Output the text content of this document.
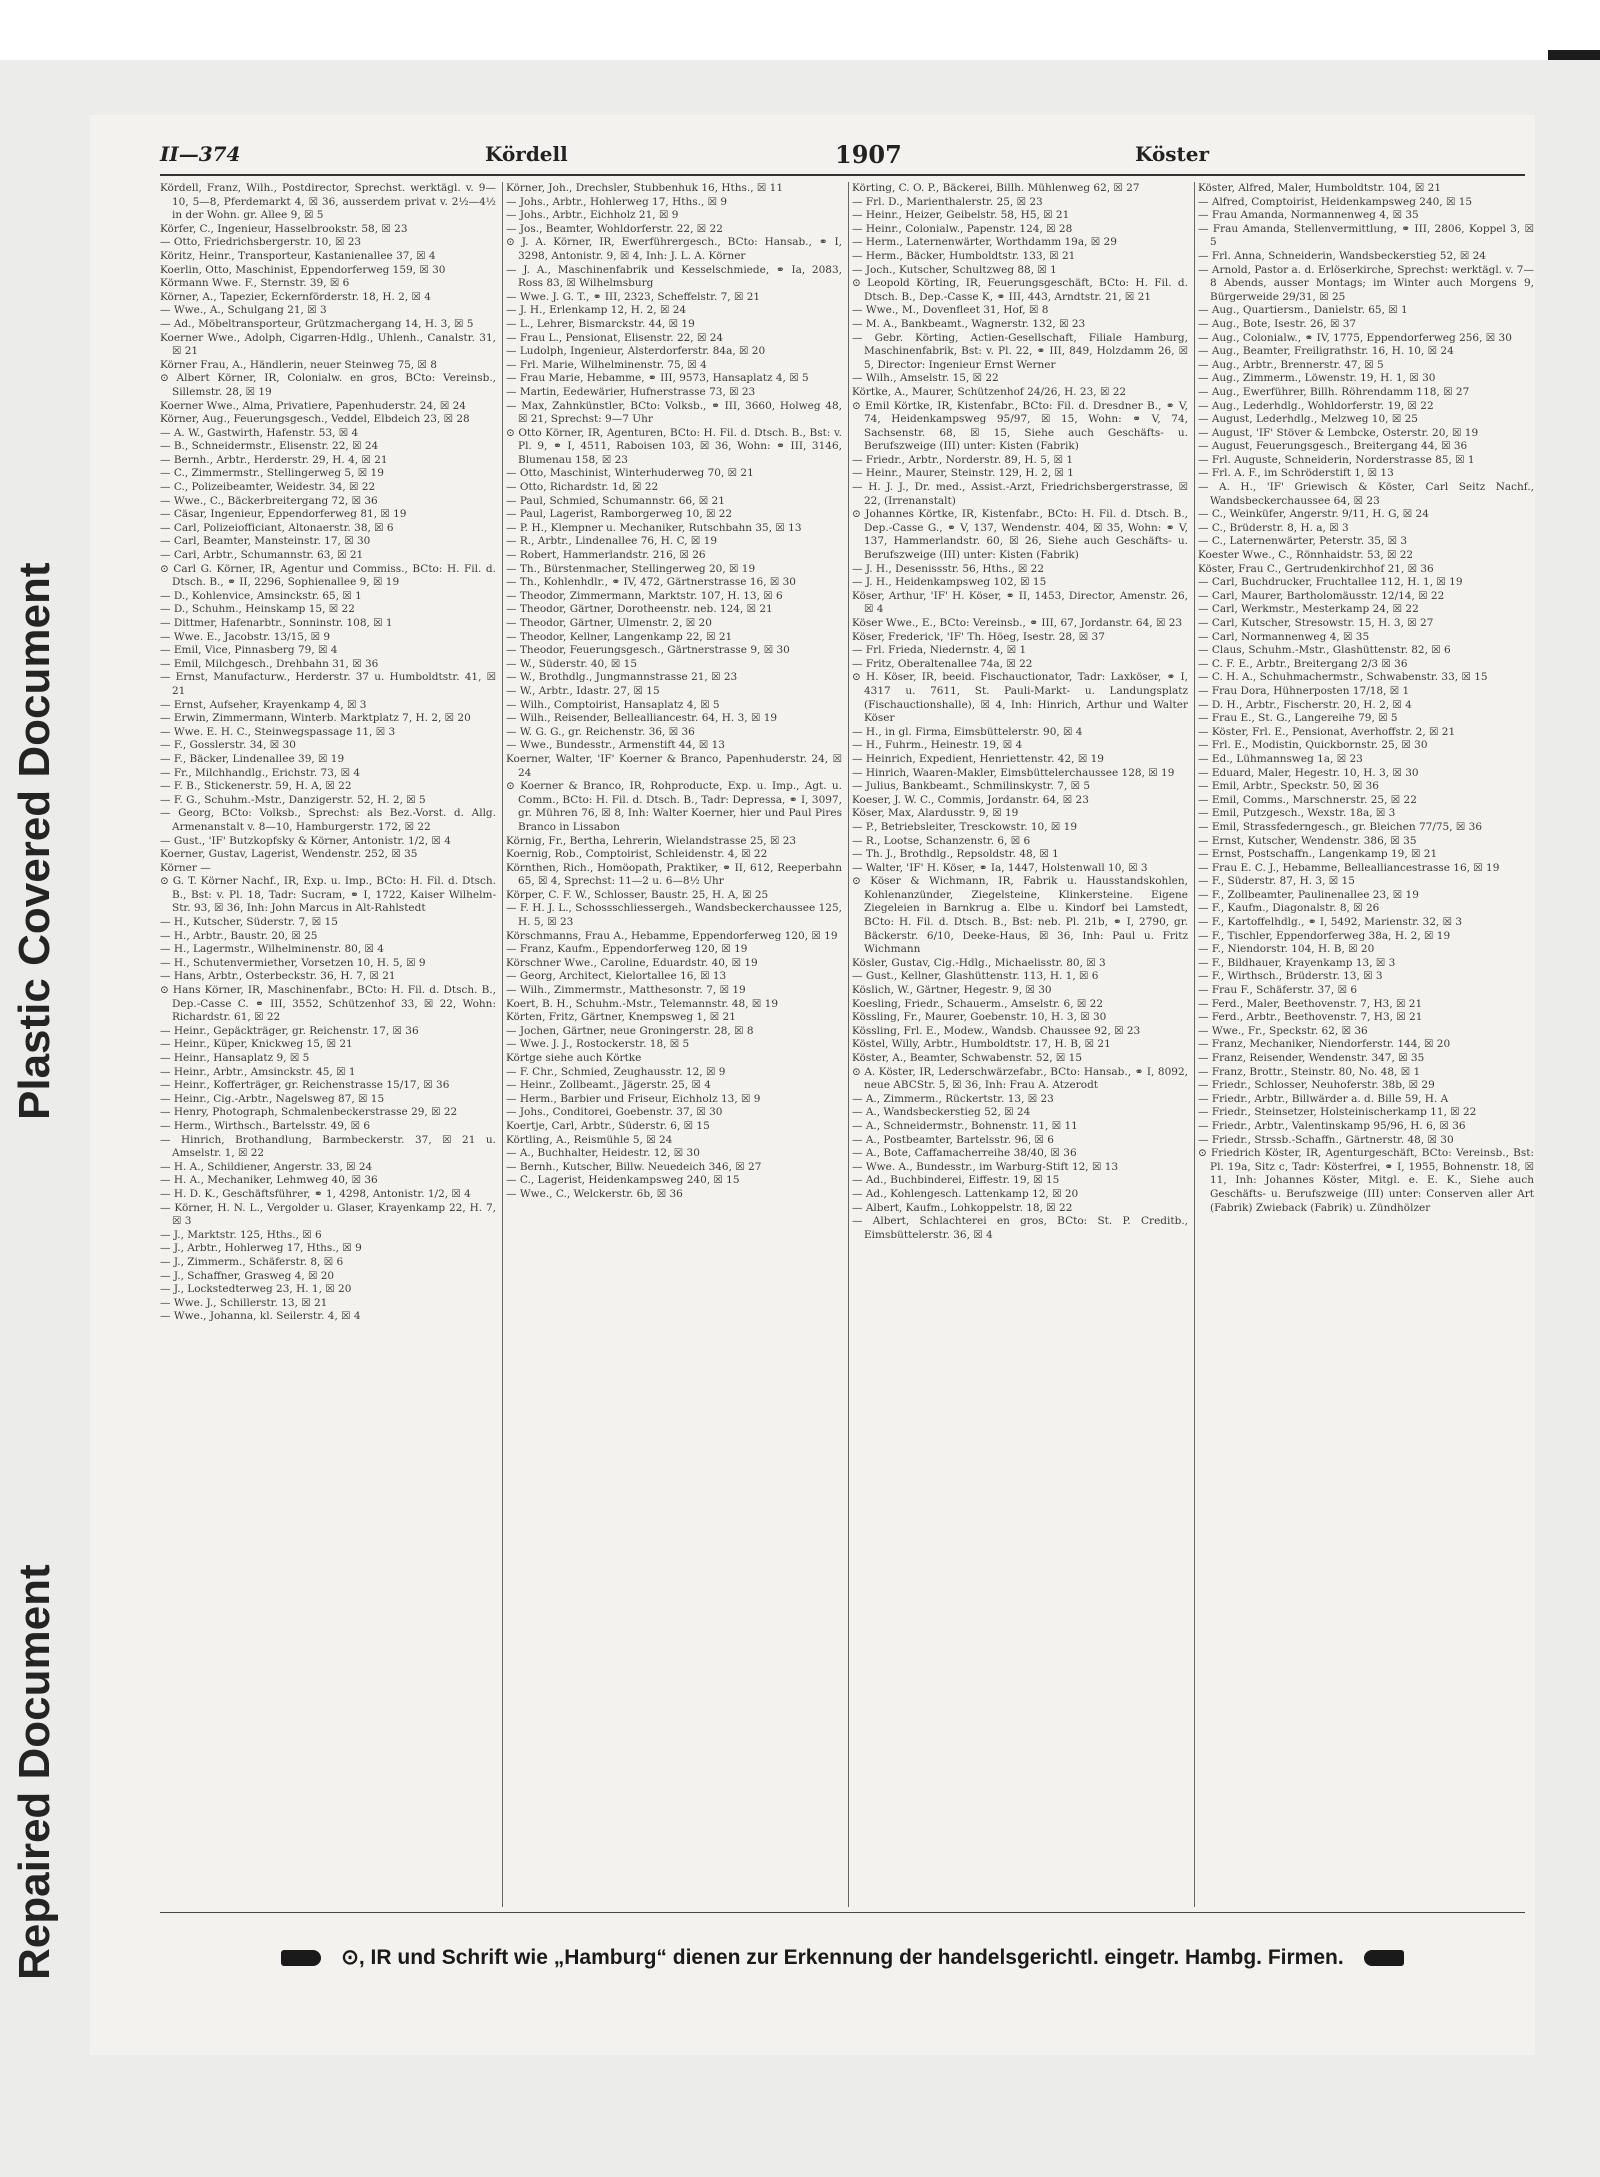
Plastic Covered Document
Repaired Document
II—374	Kördell	1907	Köster

Kördell, Franz, Wilh., Postdirector, Sprechst. werktägl. v. 9—10, 5—8, Pferdemarkt 4, ☒ 36, ausserdem privat v. 2½—4½ in der Wohn. gr. Allee 9, ☒ 5

Körfer, C., Ingenieur, Hasselbrookstr. 58, ☒ 23

— Otto, Friedrichsbergerstr. 10, ☒ 23

Köritz, Heinr., Transporteur, Kastanienallee 37, ☒ 4

Koerlin, Otto, Maschinist, Eppendorferweg 159, ☒ 30

Körmann Wwe. F., Sternstr. 39, ☒ 6

Körner, A., Tapezier, Eckernförderstr. 18, H. 2, ☒ 4

— Wwe., A., Schulgang 21, ☒ 3

— Ad., Möbeltransporteur, Grützmachergang 14, H. 3, ☒ 5

Koerner Wwe., Adolph, Cigarren-Hdlg., Uhlenh., Canalstr. 31, ☒ 21

Körner Frau, A., Händlerin, neuer Steinweg 75, ☒ 8

⊙ Albert Körner, IR, Colonialw. en gros, BCto: Vereinsb., Sillemstr. 28, ☒ 19

Koerner Wwe., Alma, Privatiere, Papenhuderstr. 24, ☒ 24

Körner, Aug., Feuerungsgesch., Veddel, Elbdeich 23, ☒ 28

— A. W., Gastwirth, Hafenstr. 53, ☒ 4

— B., Schneidermstr., Elisenstr. 22, ☒ 24

— Bernh., Arbtr., Herderstr. 29, H. 4, ☒ 21

— C., Zimmermstr., Stellingerweg 5, ☒ 19

— C., Polizeibeamter, Weidestr. 34, ☒ 22

— Wwe., C., Bäckerbreitergang 72, ☒ 36

— Cäsar, Ingenieur, Eppendorferweg 81, ☒ 19

— Carl, Polizeiofficiant, Altonaerstr. 38, ☒ 6

— Carl, Beamter, Mansteinstr. 17, ☒ 30

— Carl, Arbtr., Schumannstr. 63, ☒ 21

⊙ Carl G. Körner, IR, Agentur und Commiss., BCto: H. Fil. d. Dtsch. B., ⚭ II, 2296, Sophienallee 9, ☒ 19

— D., Kohlenvice, Amsinckstr. 65, ☒ 1

— D., Schuhm., Heinskamp 15, ☒ 22

— Dittmer, Hafenarbtr., Sonninstr. 108, ☒ 1

— Wwe. E., Jacobstr. 13/15, ☒ 9

— Emil, Vice, Pinnasberg 79, ☒ 4

— Emil, Milchgesch., Drehbahn 31, ☒ 36

— Ernst, Manufacturw., Herderstr. 37 u. Humboldtstr. 41, ☒ 21

— Ernst, Aufseher, Krayenkamp 4, ☒ 3

— Erwin, Zimmermann, Winterb. Marktplatz 7, H. 2, ☒ 20

— Wwe. E. H. C., Steinwegspassage 11, ☒ 3

— F., Gosslerstr. 34, ☒ 30

— F., Bäcker, Lindenallee 39, ☒ 19

— Fr., Milchhandlg., Erichstr. 73, ☒ 4

— F. B., Stickenerstr. 59, H. A, ☒ 22

— F. G., Schuhm.-Mstr., Danzigerstr. 52, H. 2, ☒ 5

— Georg, BCto: Volksb., Sprechst: als Bez.-Vorst. d. Allg. Armenanstalt v. 8—10, Hamburgerstr. 172, ☒ 22

— Gust., 'IF' Butzkopfsky & Körner, Antonistr. 1/2, ☒ 4

Koerner, Gustav, Lagerist, Wendenstr. 252, ☒ 35

Körner —

⊙ G. T. Körner Nachf., IR, Exp. u. Imp., BCto: H. Fil. d. Dtsch. B., Bst: v. Pl. 18, Tadr: Sucram, ⚭ I, 1722, Kaiser Wilhelm-Str. 93, ☒ 36, Inh: John Marcus in Alt-Rahlstedt

— H., Kutscher, Süderstr. 7, ☒ 15

— H., Arbtr., Baustr. 20, ☒ 25

— H., Lagermstr., Wilhelminenstr. 80, ☒ 4

— H., Schutenvermiether, Vorsetzen 10, H. 5, ☒ 9

— Hans, Arbtr., Osterbeckstr. 36, H. 7, ☒ 21

⊙ Hans Körner, IR, Maschinenfabr., BCto: H. Fil. d. Dtsch. B., Dep.-Casse C. ⚭ III, 3552, Schützenhof 33, ☒ 22, Wohn: Richardstr. 61, ☒ 22

— Heinr., Gepäckträger, gr. Reichenstr. 17, ☒ 36

— Heinr., Küper, Knickweg 15, ☒ 21

— Heinr., Hansaplatz 9, ☒ 5

— Heinr., Arbtr., Amsinckstr. 45, ☒ 1

— Heinr., Kofferträger, gr. Reichenstrasse 15/17, ☒ 36

— Heinr., Cig.-Arbtr., Nagelsweg 87, ☒ 15

— Henry, Photograph, Schmalenbeckerstrasse 29, ☒ 22

— Herm., Wirthsch., Bartelsstr. 49, ☒ 6

— Hinrich, Brothandlung, Barmbeckerstr. 37, ☒ 21 u. Amselstr. 1, ☒ 22

— H. A., Schildiener, Angerstr. 33, ☒ 24

— H. A., Mechaniker, Lehmweg 40, ☒ 36

— H. D. K., Geschäftsführer, ⚭ 1, 4298, Antonistr. 1/2, ☒ 4

— Körner, H. N. L., Vergolder u. Glaser, Krayenkamp 22, H. 7, ☒ 3

— J., Marktstr. 125, Hths., ☒ 6

— J., Arbtr., Hohlerweg 17, Hths., ☒ 9

— J., Zimmerm., Schäferstr. 8, ☒ 6

— J., Schaffner, Grasweg 4, ☒ 20

— J., Lockstedterweg 23, H. 1, ☒ 20

— Wwe. J., Schillerstr. 13, ☒ 21

— Wwe., Johanna, kl. Seilerstr. 4, ☒ 4

Körner, Joh., Drechsler, Stubbenhuk 16, Hths., ☒ 11

— Johs., Arbtr., Hohlerweg 17, Hths., ☒ 9

— Johs., Arbtr., Eichholz 21, ☒ 9

— Jos., Beamter, Wohldorferstr. 22, ☒ 22

⊙ J. A. Körner, IR, Ewerführergesch., BCto: Hansab., ⚭ I, 3298, Antonistr. 9, ☒ 4, Inh: J. L. A. Körner

— J. A., Maschinenfabrik und Kesselschmiede, ⚭ Ia, 2083, Ross 83, ☒ Wilhelmsburg

— Wwe. J. G. T., ⚭ III, 2323, Scheffelstr. 7, ☒ 21

— J. H., Erlenkamp 12, H. 2, ☒ 24

— L., Lehrer, Bismarckstr. 44, ☒ 19

— Frau L., Pensionat, Elisenstr. 22, ☒ 24

— Ludolph, Ingenieur, Alsterdorferstr. 84a, ☒ 20

— Frl. Marie, Wilhelminenstr. 75, ☒ 4

— Frau Marie, Hebamme, ⚭ III, 9573, Hansaplatz 4, ☒ 5

— Martin, Eedewärier, Hufnerstrasse 73, ☒ 23

— Max, Zahnkünstler, BCto: Volksb., ⚭ III, 3660, Holweg 48, ☒ 21, Sprechst: 9—7 Uhr

⊙ Otto Körner, IR, Agenturen, BCto: H. Fil. d. Dtsch. B., Bst: v. Pl. 9, ⚭ I, 4511, Raboisen 103, ☒ 36, Wohn: ⚭ III, 3146, Blumenau 158, ☒ 23

— Otto, Maschinist, Winterhuderweg 70, ☒ 21

— Otto, Richardstr. 1d, ☒ 22

— Paul, Schmied, Schumannstr. 66, ☒ 21

— Paul, Lagerist, Ramborgerweg 10, ☒ 22

— P. H., Klempner u. Mechaniker, Rutschbahn 35, ☒ 13

— R., Arbtr., Lindenallee 76, H. C, ☒ 19

— Robert, Hammerlandstr. 216, ☒ 26

— Th., Bürstenmacher, Stellingerweg 20, ☒ 19

— Th., Kohlenhdlr., ⚭ IV, 472, Gärtnerstrasse 16, ☒ 30

— Theodor, Zimmermann, Marktstr. 107, H. 13, ☒ 6

— Theodor, Gärtner, Dorotheenstr. neb. 124, ☒ 21

— Theodor, Gärtner, Ulmenstr. 2, ☒ 20

— Theodor, Kellner, Langenkamp 22, ☒ 21

— Theodor, Feuerungsgesch., Gärtnerstrasse 9, ☒ 30

— W., Süderstr. 40, ☒ 15

— W., Brothdlg., Jungmannstrasse 21, ☒ 23

— W., Arbtr., Idastr. 27, ☒ 15

— Wilh., Comptoirist, Hansaplatz 4, ☒ 5

— Wilh., Reisender, Bellealliancestr. 64, H. 3, ☒ 19

— W. G. G., gr. Reichenstr. 36, ☒ 36

— Wwe., Bundesstr., Armenstift 44, ☒ 13

Koerner, Walter, 'IF' Koerner & Branco, Papenhuderstr. 24, ☒ 24

⊙ Koerner & Branco, IR, Rohproducte, Exp. u. Imp., Agt. u. Comm., BCto: H. Fil. d. Dtsch. B., Tadr: Depressa, ⚭ I, 3097, gr. Mühren 76, ☒ 8, Inh: Walter Koerner, hier und Paul Pires Branco in Lissabon

Körnig, Fr., Bertha, Lehrerin, Wielandstrasse 25, ☒ 23

Koernig, Rob., Comptoirist, Schleidenstr. 4, ☒ 22

Körnthen, Rich., Homöopath, Praktiker, ⚭ II, 612, Reeperbahn 65, ☒ 4, Sprechst: 11—2 u. 6—8½ Uhr

Körper, C. F. W., Schlosser, Baustr. 25, H. A, ☒ 25

— F. H. J. L., Schossschliessergeh., Wandsbeckerchaussee 125, H. 5, ☒ 23

Körschmanns, Frau A., Hebamme, Eppendorferweg 120, ☒ 19

— Franz, Kaufm., Eppendorferweg 120, ☒ 19

Körschner Wwe., Caroline, Eduardstr. 40, ☒ 19

— Georg, Architect, Kielortallee 16, ☒ 13

— Wilh., Zimmermstr., Matthesonstr. 7, ☒ 19

Koert, B. H., Schuhm.-Mstr., Telemannstr. 48, ☒ 19

Körten, Fritz, Gärtner, Knempsweg 1, ☒ 21

— Jochen, Gärtner, neue Groningerstr. 28, ☒ 8

— Wwe. J. J., Rostockerstr. 18, ☒ 5

Körtge siehe auch Körtke

— F. Chr., Schmied, Zeughausstr. 12, ☒ 9

— Heinr., Zollbeamt., Jägerstr. 25, ☒ 4

— Herm., Barbier und Friseur, Eichholz 13, ☒ 9

— Johs., Conditorei, Goebenstr. 37, ☒ 30

Koertje, Carl, Arbtr., Süderstr. 6, ☒ 15

Körtling, A., Reismühle 5, ☒ 24

— A., Buchhalter, Heidestr. 12, ☒ 30

— Bernh., Kutscher, Billw. Neuedeich 346, ☒ 27

— C., Lagerist, Heidenkampsweg 240, ☒ 15

— Wwe., C., Welckerstr. 6b, ☒ 36

Körting, C. O. P., Bäckerei, Billh. Mühlenweg 62, ☒ 27

— Frl. D., Marienthalerstr. 25, ☒ 23

— Heinr., Heizer, Geibelstr. 58, H5, ☒ 21

— Heinr., Colonialw., Papenstr. 124, ☒ 28

— Herm., Laternenwärter, Worthdamm 19a, ☒ 29

— Herm., Bäcker, Humboldtstr. 133, ☒ 21

— Joch., Kutscher, Schultzweg 88, ☒ 1

⊙ Leopold Körting, IR, Feuerungsgeschäft, BCto: H. Fil. d. Dtsch. B., Dep.-Casse K, ⚭ III, 443, Arndtstr. 21, ☒ 21

— Wwe., M., Dovenfleet 31, Hof, ☒ 8

— M. A., Bankbeamt., Wagnerstr. 132, ☒ 23

— Gebr. Körting, Actien-Gesellschaft, Filiale Hamburg, Maschinenfabrik, Bst: v. Pl. 22, ⚭ III, 849, Holzdamm 26, ☒ 5, Director: Ingenieur Ernst Werner

— Wilh., Amselstr. 15, ☒ 22

Körtke, A., Maurer, Schützenhof 24/26, H. 23, ☒ 22

⊙ Emil Körtke, IR, Kistenfabr., BCto: Fil. d. Dresdner B., ⚭ V, 74, Heidenkampsweg 95/97, ☒ 15, Wohn: ⚭ V, 74, Sachsenstr. 68, ☒ 15, Siehe auch Geschäfts- u. Berufszweige (III) unter: Kisten (Fabrik)

— Friedr., Arbtr., Norderstr. 89, H. 5, ☒ 1

— Heinr., Maurer, Steinstr. 129, H. 2, ☒ 1

— H. J. J., Dr. med., Assist.-Arzt, Friedrichsbergerstrasse, ☒ 22, (Irrenanstalt)

⊙ Johannes Körtke, IR, Kistenfabr., BCto: H. Fil. d. Dtsch. B., Dep.-Casse G., ⚭ V, 137, Wendenstr. 404, ☒ 35, Wohn: ⚭ V, 137, Hammerlandstr. 60, ☒ 26, Siehe auch Geschäfts- u. Berufszweige (III) unter: Kisten (Fabrik)

— J. H., Desenissstr. 56, Hths., ☒ 22

— J. H., Heidenkampsweg 102, ☒ 15

Köser, Arthur, 'IF' H. Köser, ⚭ II, 1453, Director, Amenstr. 26, ☒ 4

Köser Wwe., E., BCto: Vereinsb., ⚭ III, 67, Jordanstr. 64, ☒ 23

Köser, Frederick, 'IF' Th. Höeg, Isestr. 28, ☒ 37

— Frl. Frieda, Niedernstr. 4, ☒ 1

— Fritz, Oberaltenallee 74a, ☒ 22

⊙ H. Köser, IR, beeid. Fischauctionator, Tadr: Laxköser, ⚭ I, 4317 u. 7611, St. Pauli-Markt- u. Landungsplatz (Fischauctionshalle), ☒ 4, Inh: Hinrich, Arthur und Walter Köser

— H., in gl. Firma, Eimsbüttelerstr. 90, ☒ 4

— H., Fuhrm., Heinestr. 19, ☒ 4

— Heinrich, Expedient, Henriettenstr. 42, ☒ 19

— Hinrich, Waaren-Makler, Eimsbüttelerchaussee 128, ☒ 19

— Julius, Bankbeamt., Schmilinskystr. 7, ☒ 5

Koeser, J. W. C., Commis, Jordanstr. 64, ☒ 23

Köser, Max, Alardusstr. 9, ☒ 19

— P., Betriebsleiter, Tresckowstr. 10, ☒ 19

— R., Lootse, Schanzenstr. 6, ☒ 6

— Th. J., Brothdlg., Repsoldstr. 48, ☒ 1

— Walter, 'IF' H. Köser, ⚭ Ia, 1447, Holstenwall 10, ☒ 3

⊙ Köser & Wichmann, IR, Fabrik u. Hausstandskohlen, Kohlenanzünder, Ziegelsteine, Klinkersteine. Eigene Ziegeleien in Barnkrug a. Elbe u. Kindorf bei Lamstedt, BCto: H. Fil. d. Dtsch. B., Bst: neb. Pl. 21b, ⚭ I, 2790, gr. Bäckerstr. 6/10, Deeke-Haus, ☒ 36, Inh: Paul u. Fritz Wichmann

Kösler, Gustav, Cig.-Hdlg., Michaelisstr. 80, ☒ 3

— Gust., Kellner, Glashüttenstr. 113, H. 1, ☒ 6

Köslich, W., Gärtner, Hegestr. 9, ☒ 30

Koesling, Friedr., Schauerm., Amselstr. 6, ☒ 22

Kössling, Fr., Maurer, Goebenstr. 10, H. 3, ☒ 30

Kössling, Frl. E., Modew., Wandsb. Chaussee 92, ☒ 23

Köstel, Willy, Arbtr., Humboldtstr. 17, H. B, ☒ 21

Köster, A., Beamter, Schwabenstr. 52, ☒ 15

⊙ A. Köster, IR, Lederschwärzefabr., BCto: Hansab., ⚭ I, 8092, neue ABCStr. 5, ☒ 36, Inh: Frau A. Atzerodt

— A., Zimmerm., Rückertstr. 13, ☒ 23

— A., Wandsbeckerstieg 52, ☒ 24

— A., Schneidermstr., Bohnenstr. 11, ☒ 11

— A., Postbeamter, Bartelsstr. 96, ☒ 6

— A., Bote, Caffamacherreihe 38/40, ☒ 36

— Wwe. A., Bundesstr., im Warburg-Stift 12, ☒ 13

— Ad., Buchbinderei, Eiffestr. 19, ☒ 15

— Ad., Kohlengesch. Lattenkamp 12, ☒ 20

— Albert, Kaufm., Lohkoppelstr. 18, ☒ 22

— Albert, Schlachterei en gros, BCto: St. P. Creditb., Eimsbüttelerstr. 36, ☒ 4

Köster, Alfred, Maler, Humboldtstr. 104, ☒ 21

— Alfred, Comptoirist, Heidenkampsweg 240, ☒ 15

— Frau Amanda, Normannenweg 4, ☒ 35

— Frau Amanda, Stellenvermittlung, ⚭ III, 2806, Koppel 3, ☒ 5

— Frl. Anna, Schneiderin, Wandsbeckerstieg 52, ☒ 24

— Arnold, Pastor a. d. Erlöserkirche, Sprechst: werktägl. v. 7—8 Abends, ausser Montags; im Winter auch Morgens 9, Bürgerweide 29/31, ☒ 25

— Aug., Quartiersm., Danielstr. 65, ☒ 1

— Aug., Bote, Isestr. 26, ☒ 37

— Aug., Colonialw., ⚭ IV, 1775, Eppendorferweg 256, ☒ 30

— Aug., Beamter, Freiligrathstr. 16, H. 10, ☒ 24

— Aug., Arbtr., Brennerstr. 47, ☒ 5

— Aug., Zimmerm., Löwenstr. 19, H. 1, ☒ 30

— Aug., Ewerführer, Billh. Röhrendamm 118, ☒ 27

— Aug., Lederhdlg., Wohldorferstr. 19, ☒ 22

— August, Lederhdlg., Melzweg 10, ☒ 25

— August, 'IF' Stöver & Lembcke, Osterstr. 20, ☒ 19

— August, Feuerungsgesch., Breitergang 44, ☒ 36

— Frl. Auguste, Schneiderin, Norderstrasse 85, ☒ 1

— Frl. A. F., im Schröderstift 1, ☒ 13

— A. H., 'IF' Griewisch & Köster, Carl Seitz Nachf., Wandsbeckerchaussee 64, ☒ 23

— C., Weinküfer, Angerstr. 9/11, H. G, ☒ 24

— C., Brüderstr. 8, H. a, ☒ 3

— C., Laternenwärter, Peterstr. 35, ☒ 3

Koester Wwe., C., Rönnhaidstr. 53, ☒ 22

Köster, Frau C., Gertrudenkirchhof 21, ☒ 36

— Carl, Buchdrucker, Fruchtallee 112, H. 1, ☒ 19

— Carl, Maurer, Bartholomäusstr. 12/14, ☒ 22

— Carl, Werkmstr., Mesterkamp 24, ☒ 22

— Carl, Kutscher, Stresowstr. 15, H. 3, ☒ 27

— Carl, Normannenweg 4, ☒ 35

— Claus, Schuhm.-Mstr., Glashüttenstr. 82, ☒ 6

— C. F. E., Arbtr., Breitergang 2/3 ☒ 36

— C. H. A., Schuhmachermstr., Schwabenstr. 33, ☒ 15

— Frau Dora, Hühnerposten 17/18, ☒ 1

— D. H., Arbtr., Fischerstr. 20, H. 2, ☒ 4

— Frau E., St. G., Langereihe 79, ☒ 5

— Köster, Frl. E., Pensionat, Averhoffstr. 2, ☒ 21

— Frl. E., Modistin, Quickbornstr. 25, ☒ 30

— Ed., Lühmannsweg 1a, ☒ 23

— Eduard, Maler, Hegestr. 10, H. 3, ☒ 30

— Emil, Arbtr., Speckstr. 50, ☒ 36

— Emil, Comms., Marschnerstr. 25, ☒ 22

— Emil, Putzgesch., Wexstr. 18a, ☒ 3

— Emil, Strassfederngesch., gr. Bleichen 77/75, ☒ 36

— Ernst, Kutscher, Wendenstr. 386, ☒ 35

— Ernst, Postschaffn., Langenkamp 19, ☒ 21

— Frau E. C. J., Hebamme, Bellealliancestrasse 16, ☒ 19

— F., Süderstr. 87, H. 3, ☒ 15

— F., Zollbeamter, Paulinenallee 23, ☒ 19

— F., Kaufm., Diagonalstr. 8, ☒ 26

— F., Kartoffelhdlg., ⚭ I, 5492, Marienstr. 32, ☒ 3

— F., Tischler, Eppendorferweg 38a, H. 2, ☒ 19

— F., Niendorstr. 104, H. B, ☒ 20

— F., Bildhauer, Krayenkamp 13, ☒ 3

— F., Wirthsch., Brüderstr. 13, ☒ 3

— Frau F., Schäferstr. 37, ☒ 6

— Ferd., Maler, Beethovenstr. 7, H3, ☒ 21

— Ferd., Arbtr., Beethovenstr. 7, H3, ☒ 21

— Wwe., Fr., Speckstr. 62, ☒ 36

— Franz, Mechaniker, Niendorferstr. 144, ☒ 20

— Franz, Reisender, Wendenstr. 347, ☒ 35

— Franz, Brottr., Steinstr. 80, No. 48, ☒ 1

— Friedr., Schlosser, Neuhoferstr. 38b, ☒ 29

— Friedr., Arbtr., Billwärder a. d. Bille 59, H. A

— Friedr., Steinsetzer, Holsteinischerkamp 11, ☒ 22

— Friedr., Arbtr., Valentinskamp 95/96, H. 6, ☒ 36

— Friedr., Strssb.-Schaffn., Gärtnerstr. 48, ☒ 30

⊙ Friedrich Köster, IR, Agenturgeschäft, BCto: Vereinsb., Bst: Pl. 19a, Sitz c, Tadr: Kösterfrei, ⚭ I, 1955, Bohnenstr. 18, ☒ 11, Inh: Johannes Köster, Mitgl. e. E. K., Siehe auch Geschäfts- u. Berufszweige (III) unter: Conserven aller Art (Fabrik) Zwieback (Fabrik) u. Zündhölzer

⊙, IR und Schrift wie „Hamburg“ dienen zur Erkennung der handelsgerichtl. eingetr. Hambg. Firmen.
